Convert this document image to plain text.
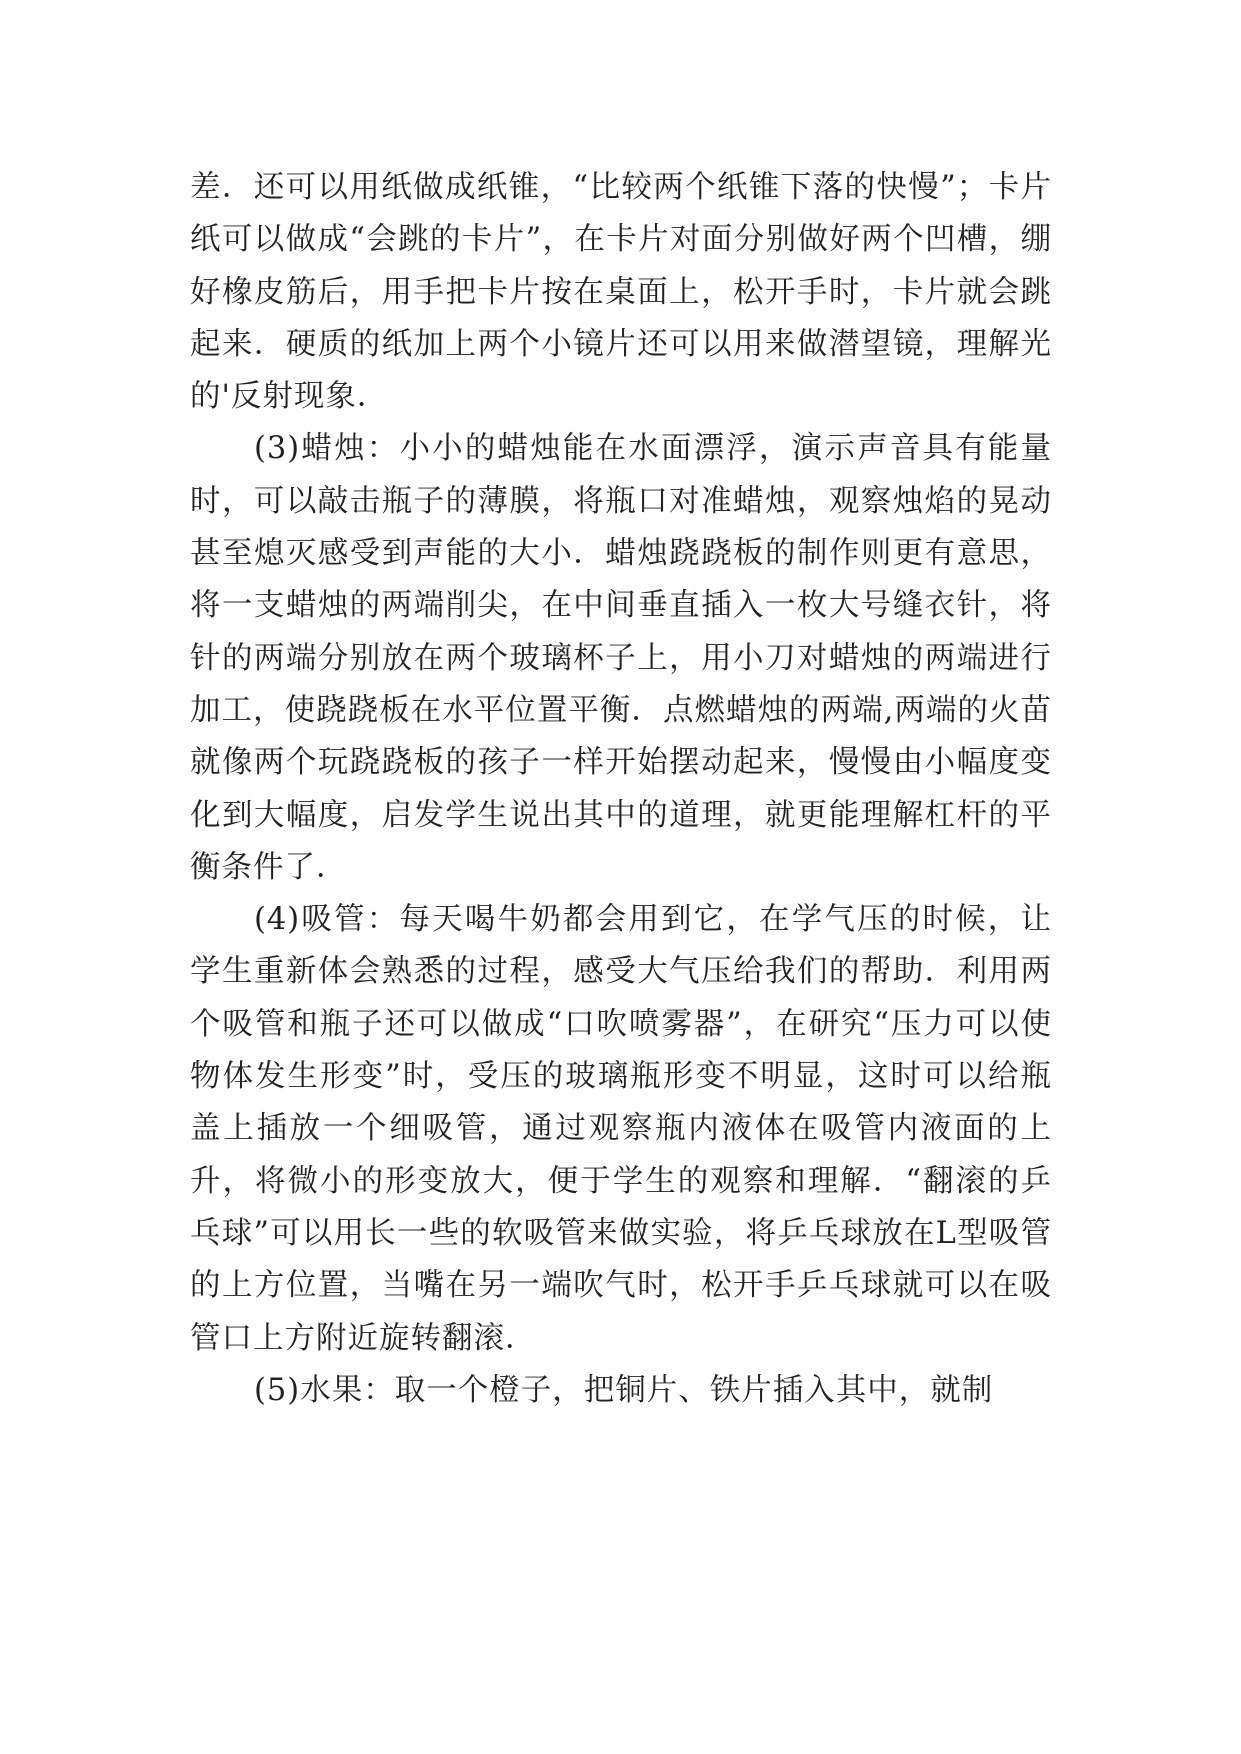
差．还可以用纸做成纸锥，“比较两个纸锥下落的快慢”；卡片纸可以做成“会跳的卡片”，在卡片对面分别做好两个凹槽，绷好橡皮筋后，用手把卡片按在桌面上，松开手时，卡片就会跳起来．硬质的纸加上两个小镜片还可以用来做潜望镜，理解光的'反射现象．

(3)蜡烛：小小的蜡烛能在水面漂浮，演示声音具有能量时，可以敲击瓶子的薄膜，将瓶口对准蜡烛，观察烛焰的晃动甚至熄灭感受到声能的大小．蜡烛跷跷板的制作则更有意思，将一支蜡烛的两端削尖，在中间垂直插入一枚大号缝衣针，将针的两端分别放在两个玻璃杯子上，用小刀对蜡烛的两端进行加工，使跷跷板在水平位置平衡．点燃蜡烛的两端,两端的火苗就像两个玩跷跷板的孩子一样开始摆动起来，慢慢由小幅度变化到大幅度，启发学生说出其中的道理，就更能理解杠杆的平衡条件了．

(4)吸管：每天喝牛奶都会用到它，在学气压的时候，让学生重新体会熟悉的过程，感受大气压给我们的帮助．利用两个吸管和瓶子还可以做成“口吹喷雾器”，在研究“压力可以使物体发生形变”时，受压的玻璃瓶形变不明显，这时可以给瓶盖上插放一个细吸管，通过观察瓶内液体在吸管内液面的上升，将微小的形变放大，便于学生的观察和理解．“翻滚的乒乓球”可以用长一些的软吸管来做实验，将乒乓球放在L型吸管的上方位置，当嘴在另一端吹气时，松开手乒乓球就可以在吸管口上方附近旋转翻滚．

(5)水果：取一个橙子，把铜片、铁片插入其中，就制
